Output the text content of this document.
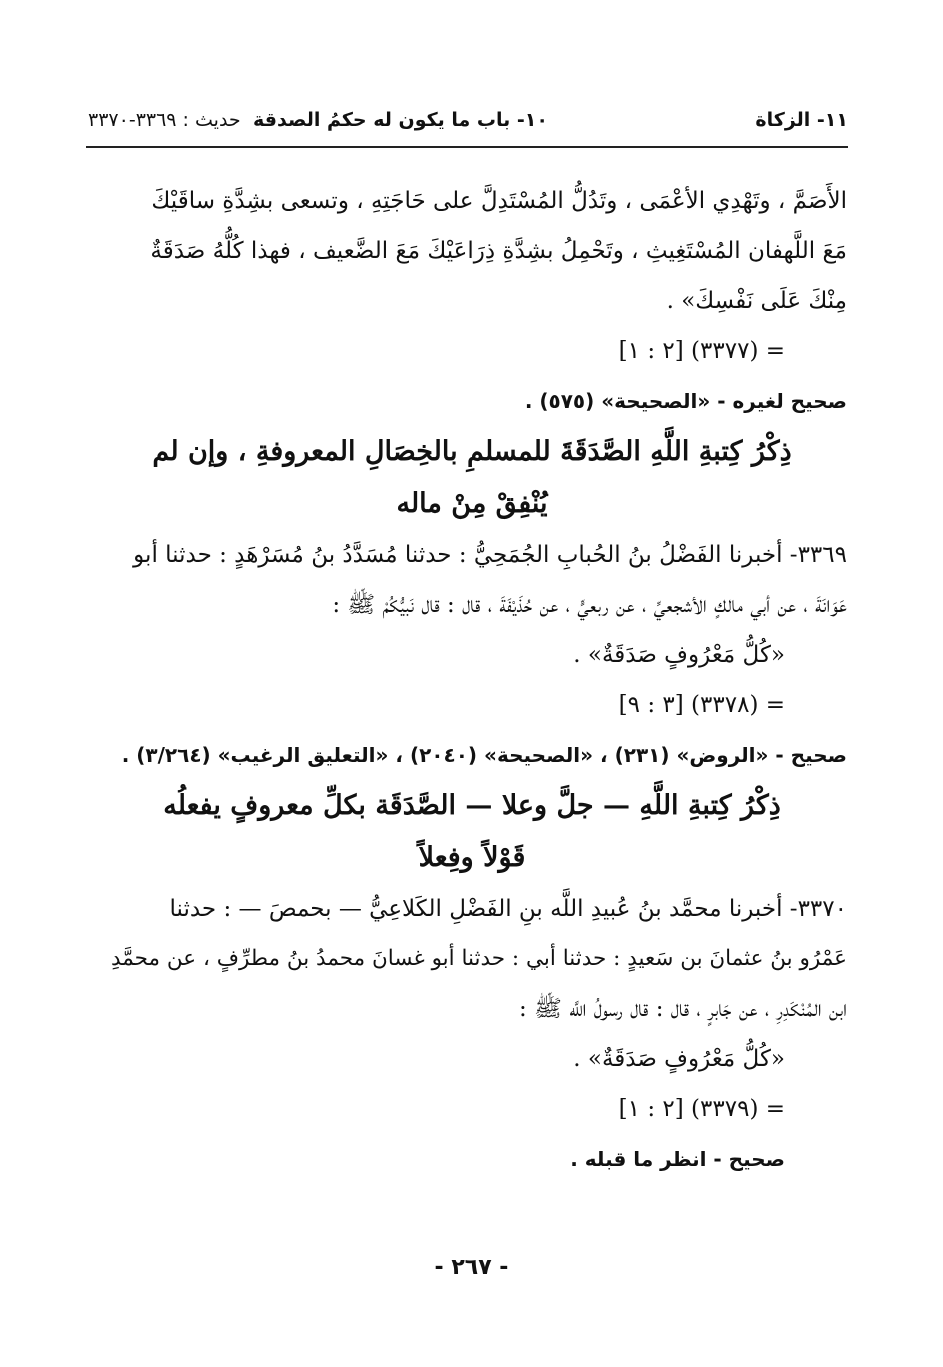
١١- الزكاة
١٠- باب ما يكون له حكمُ الصدقة
حديث : ٣٣٦٩-٣٣٧٠
الأَصَمَّ ، وتَهْدِي الأعْمَى ، وتَدُلُّ المُسْتَدِلَّ على حَاجَتِهِ ، وتسعى بشِدَّةِ ساقَيْكَ
مَعَ اللَّهفان المُسْتَغِيثِ ، وتَحْمِلُ بشِدَّةِ ذِرَاعَيْكَ مَعَ الضَّعيف ، فهذا كُلُّهُ صَدَقَةٌ
مِنْكَ عَلَى نَفْسِكَ» .
= (٣٣٧٧) [٢ : ١]
صحيح لغيره - «الصحيحة» (٥٧٥) .
ذِكْرُ كِتبةِ اللَّهِ الصَّدَقَةَ للمسلمِ بالخِصَالِ المعروفةِ ، وإن لم
يُنْفِقْ مِنْ ماله
٣٣٦٩- أخبرنا الفَضْلُ بنُ الحُبابِ الجُمَحِيُّ : حدثنا مُسَدَّدُ بنُ مُسَرْهَدٍ : حدثنا أبو
عَوَانَةَ ، عن أبي مالكٍ الأشجعيِّ ، عن ربعيٍّ ، عن حُذَيْفَةَ ، قال : قال نَبيُّكُمْ ﷺ :
«كُلُّ مَعْرُوفٍ صَدَقَةٌ» .
= (٣٣٧٨) [٣ : ٩]
صحيح - «الروض» (٢٣١) ، «الصحيحة» (٢٠٤٠) ، «التعليق الرغيب» (٣/٢٦٤) .
ذِكْرُ كِتبةِ اللَّهِ — جلَّ وعلا — الصَّدَقَة بكلِّ معروفٍ يفعلُه
قَوْلاً وفِعلاً
٣٣٧٠- أخبرنا محمَّد بنُ عُبيدِ اللَّه بنِ الفَضْلِ الكَلاعِيُّ — بحمصَ — : حدثنا
عَمْرُو بنُ عثمانَ بن سَعيدٍ : حدثنا أبي : حدثنا أبو غسانَ محمدُ بنُ مطرِّفٍ ، عن محمَّدِ
ابن المُنْكَدِرِ ، عن جَابرٍ ، قال : قال رسولُ اللَّه ﷺ :
«كُلُّ مَعْرُوفٍ صَدَقَةٌ» .
= (٣٣٧٩) [٢ : ١]
صحيح - انظر ما قبله .
- ٢٦٧ -
